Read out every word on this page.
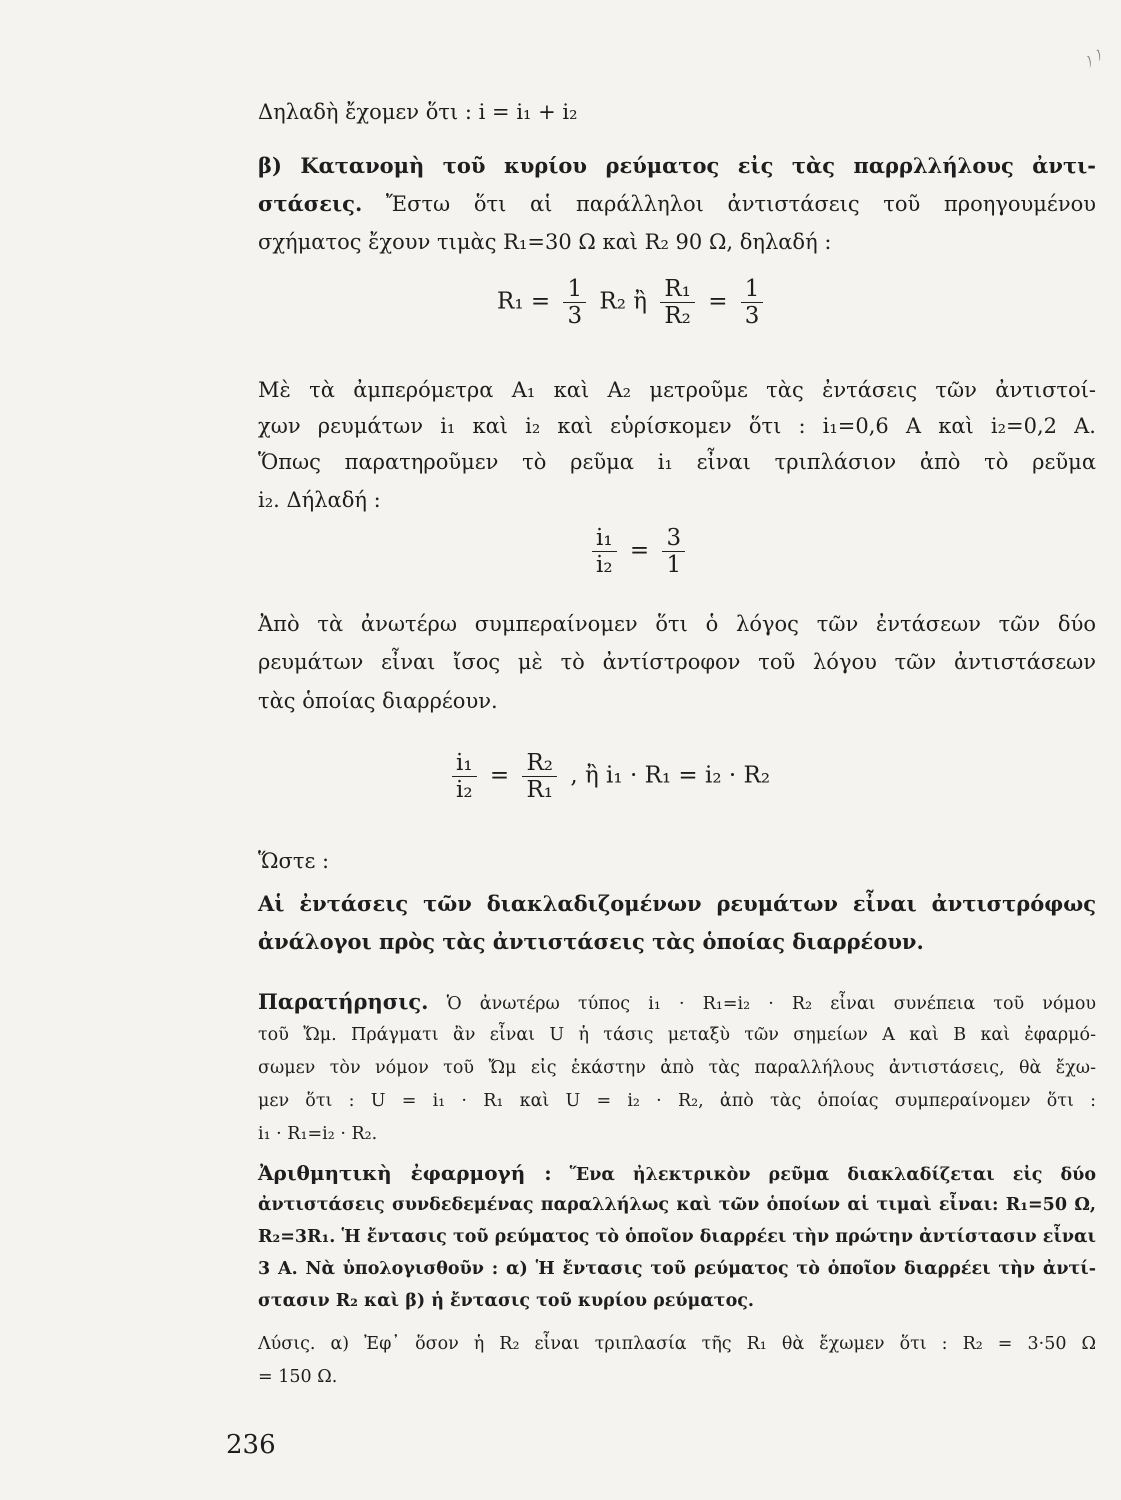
ﾉ ﾉ
Δηλαδὴ ἔχομεν ὅτι : i = i₁ + i₂
β) Κατανομὴ τοῦ κυρίου ρεύματος εἰς τὰς παρρλλήλους ἀντι-
στάσεις. Ἔστω ὅτι αἱ παράλληλοι ἀντιστάσεις τοῦ προηγουμένου
σχήματος ἔχουν τιμὰς R₁=30 Ω καὶ R₂ 90 Ω, δηλαδή :
$R_1 = \frac{1}{3} R_2$ ἢ $\frac{\text{R₁}}{\text{R₂}} = \frac{1}{3}$
Μὲ τὰ ἀμπερόμετρα A₁ καὶ A₂ μετροῦμε τὰς ἐντάσεις τῶν ἀντιστοί-
χων ρευμάτων i₁ καὶ i₂ καὶ εὑρίσκομεν ὅτι : i₁=0,6 A καὶ i₂=0,2 A.
Ὅπως παρατηροῦμεν τὸ ρεῦμα i₁ εἶναι τριπλάσιον ἀπὸ τὸ ρεῦμα
i₂. Δήλαδή :
$\frac{\text{i₁}}{\text{i₂}} = \frac{3}{1}$
Ἀπὸ τὰ ἀνωτέρω συμπεραίνομεν ὅτι ὁ λόγος τῶν ἐντάσεων τῶν δύο
ρευμάτων εἶναι ἴσος μὲ τὸ ἀντίστροφον τοῦ λόγου τῶν ἀντιστάσεων
τὰς ὁποίας διαρρέουν.
$\frac{\text{i₁}}{\text{i₂}} = \frac{\text{R₂}}{\text{R₁}}$ , ἢ i₁ · R₁ = i₂ · R₂
Ὥστε :
Αἱ ἐντάσεις τῶν διακλαδιζομένων ρευμάτων εἶναι ἀντιστρόφως
ἀνάλογοι πρὸς τὰς ἀντιστάσεις τὰς ὁποίας διαρρέουν.
Παρατήρησις. Ὁ ἀνωτέρω τύπος i₁ · R₁=i₂ · R₂ εἶναι συνέπεια τοῦ νόμου
τοῦ Ὤμ. Πράγματι ἂν εἶναι U ἡ τάσις μεταξὺ τῶν σημείων A καὶ B καὶ ἐφαρμό-
σωμεν τὸν νόμον τοῦ Ὤμ εἰς ἑκάστην ἀπὸ τὰς παραλλήλους ἀντιστάσεις, θὰ ἔχω-
μεν ὅτι : U = i₁ · R₁ καὶ U = i₂ · R₂, ἀπὸ τὰς ὁποίας συμπεραίνομεν ὅτι :
i₁ · R₁=i₂ · R₂.
Ἀριθμητικὴ ἐφαρμογή : Ἕνα ἠλεκτρικὸν ρεῦμα διακλαδίζεται εἰς δύο
ἀντιστάσεις συνδεδεμένας παραλλήλως καὶ τῶν ὁποίων αἱ τιμαὶ εἶναι: R₁=50 Ω,
R₂=3R₁. Ἡ ἔντασις τοῦ ρεύματος τὸ ὁποῖον διαρρέει τὴν πρώτην ἀντίστασιν εἶναι
3 A. Νὰ ὑπολογισθοῦν : α) Ἡ ἔντασις τοῦ ρεύματος τὸ ὁποῖον διαρρέει τὴν ἀντί-
στασιν R₂ καὶ β) ἡ ἔντασις τοῦ κυρίου ρεύματος.
Λύσις. α) Ἐφ᾽ ὅσον ἡ R₂ εἶναι τριπλασία τῆς R₁ θὰ ἔχωμεν ὅτι : R₂ = 3·50 Ω
= 150 Ω.
236
